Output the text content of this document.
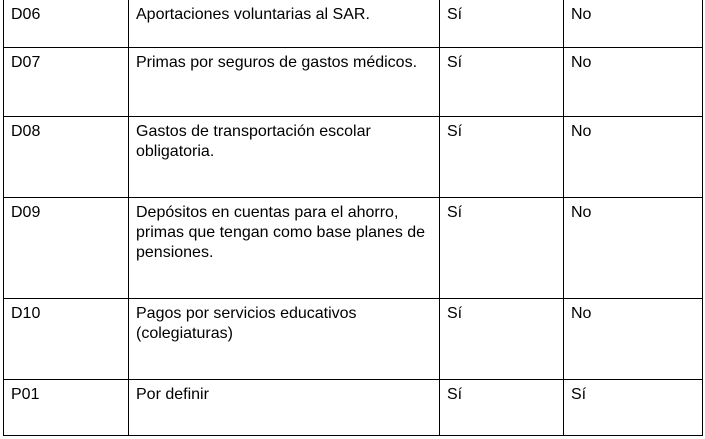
D06	Aportaciones voluntarias al SAR.	Sí	No
D07	Primas por seguros de gastos médicos.	Sí	No
D08	Gastos de transportación escolar obligatoria.	Sí	No
D09	Depósitos en cuentas para el ahorro, primas que tengan como base planes de pensiones.	Sí	No
D10	Pagos por servicios educativos (colegiaturas)	Sí	No
P01	Por definir	Sí	Sí
